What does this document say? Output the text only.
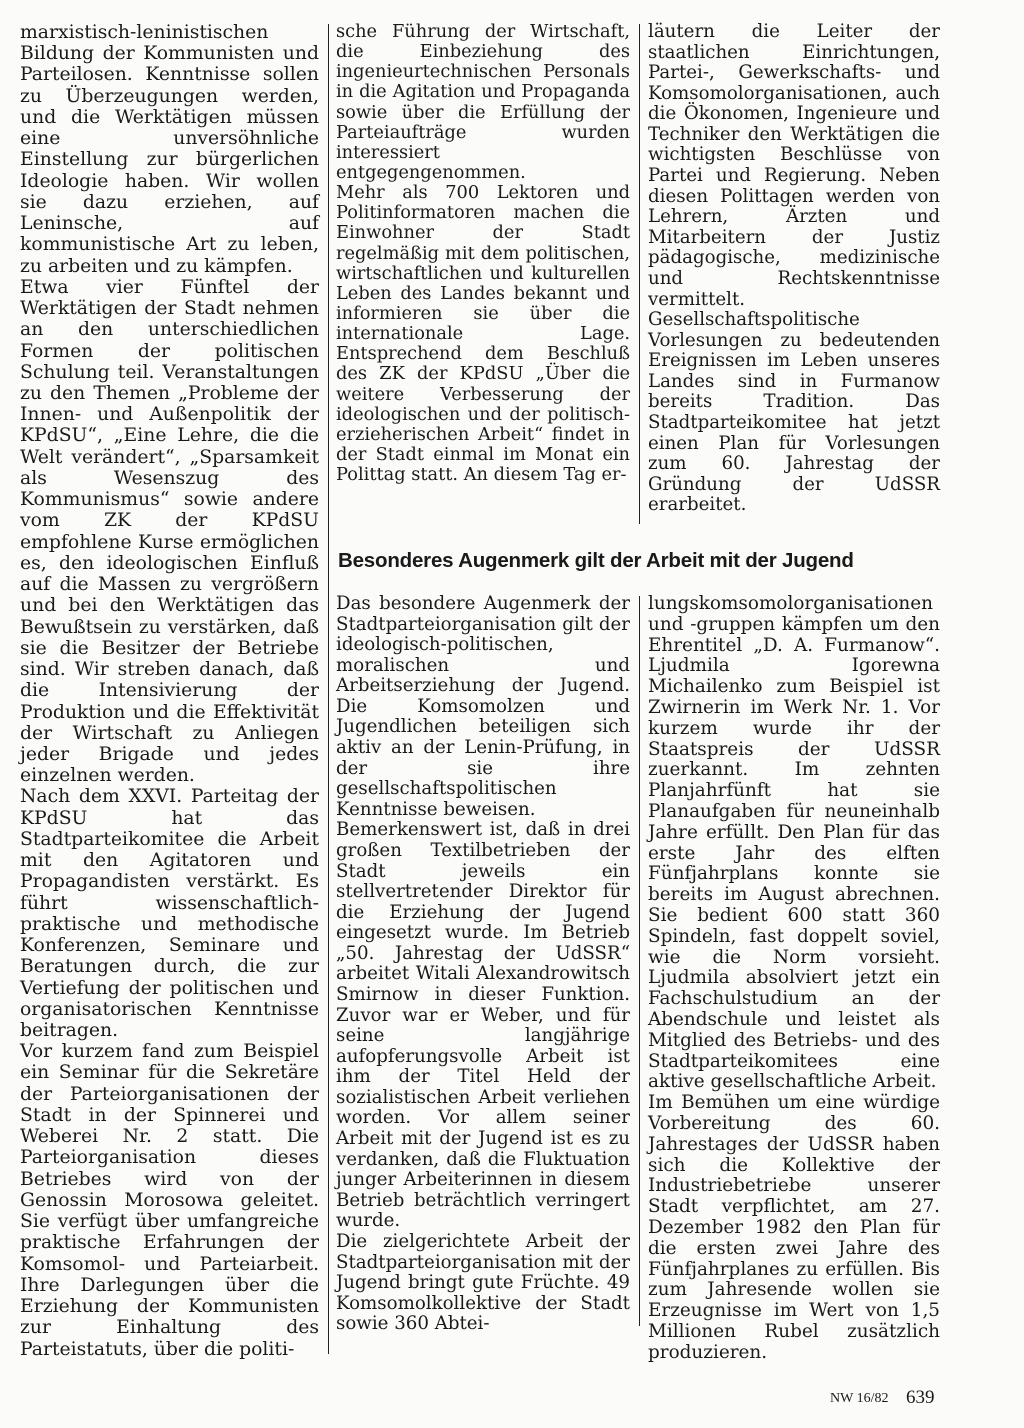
marxistisch-leninistischen Bildung der Kommunisten und Parteilosen. Kenntnisse sollen zu Überzeugungen werden, und die Werktätigen müssen eine unversöhnliche Einstellung zur bürgerlichen Ideologie haben. Wir wollen sie dazu erziehen, auf Leninsche, auf kommunistische Art zu leben, zu arbeiten und zu kämpfen.

Etwa vier Fünftel der Werktätigen der Stadt nehmen an den unterschiedlichen Formen der politischen Schulung teil. Veranstaltungen zu den Themen „Probleme der Innen- und Außenpolitik der KPdSU“, „Eine Lehre, die die Welt verändert“, „Sparsamkeit als Wesenszug des Kommunismus“ sowie andere vom ZK der KPdSU empfohlene Kurse ermöglichen es, den ideologischen Einfluß auf die Massen zu vergrößern und bei den Werktätigen das Bewußtsein zu verstärken, daß sie die Besitzer der Betriebe sind. Wir streben danach, daß die Intensivierung der Produktion und die Effektivität der Wirtschaft zu Anliegen jeder Brigade und jedes einzelnen werden.

Nach dem XXVI. Parteitag der KPdSU hat das Stadtparteikomitee die Arbeit mit den Agitatoren und Propagandisten verstärkt. Es führt wissenschaftlich-praktische und methodische Konferenzen, Seminare und Beratungen durch, die zur Vertiefung der politischen und organisatorischen Kenntnisse beitragen.

Vor kurzem fand zum Beispiel ein Seminar für die Sekretäre der Parteiorganisationen der Stadt in der Spinnerei und Weberei Nr. 2 statt. Die Parteiorganisation dieses Betriebes wird von der Genossin Morosowa geleitet. Sie verfügt über umfangreiche praktische Erfahrungen der Komsomol- und Parteiarbeit. Ihre Darlegungen über die Erziehung der Kommunisten zur Einhaltung des Parteistatuts, über die politi-

sche Führung der Wirtschaft, die Einbeziehung des ingenieurtechnischen Personals in die Agitation und Propaganda sowie über die Erfüllung der Parteiaufträge wurden interessiert entgegengenommen.

Mehr als 700 Lektoren und Politinformatoren machen die Einwohner der Stadt regelmäßig mit dem politischen, wirtschaftlichen und kulturellen Leben des Landes bekannt und informieren sie über die internationale Lage. Entsprechend dem Beschluß des ZK der KPdSU „Über die weitere Verbesserung der ideologischen und der politisch-erzieherischen Arbeit“ findet in der Stadt einmal im Monat ein Polittag statt. An diesem Tag er-

läutern die Leiter der staatlichen Einrichtungen, Partei-, Gewerkschafts- und Komsomolorganisationen, auch die Ökonomen, Ingenieure und Techniker den Werktätigen die wichtigsten Beschlüsse von Partei und Regierung. Neben diesen Polittagen werden von Lehrern, Ärzten und Mitarbeitern der Justiz pädagogische, medizinische und Rechtskenntnisse vermittelt.

Gesellschaftspolitische Vorlesungen zu bedeutenden Ereignissen im Leben unseres Landes sind in Furmanow bereits Tradition. Das Stadtparteikomitee hat jetzt einen Plan für Vorlesungen zum 60. Jahrestag der Gründung der UdSSR erarbeitet.

Besonderes Augenmerk gilt der Arbeit mit der Jugend

Das besondere Augenmerk der Stadtparteiorganisation gilt der ideologisch-politischen, moralischen und Arbeitserziehung der Jugend. Die Komsomolzen und Jugendlichen beteiligen sich aktiv an der Lenin-Prüfung, in der sie ihre gesellschaftspolitischen Kenntnisse beweisen.

Bemerkenswert ist, daß in drei großen Textilbetrieben der Stadt jeweils ein stellvertretender Direktor für die Erziehung der Jugend eingesetzt wurde. Im Betrieb „50. Jahrestag der UdSSR“ arbeitet Witali Alexandrowitsch Smirnow in dieser Funktion. Zuvor war er Weber, und für seine langjährige aufopferungsvolle Arbeit ist ihm der Titel Held der sozialistischen Arbeit verliehen worden. Vor allem seiner Arbeit mit der Jugend ist es zu verdanken, daß die Fluktuation junger Arbeiterinnen in diesem Betrieb beträchtlich verringert wurde.

Die zielgerichtete Arbeit der Stadtparteiorganisation mit der Jugend bringt gute Früchte. 49 Komsomolkollektive der Stadt sowie 360 Abtei-

lungskomsomolorganisationen und -gruppen kämpfen um den Ehrentitel „D. A. Furmanow“. Ljudmila Igorewna Michailenko zum Beispiel ist Zwirnerin im Werk Nr. 1. Vor kurzem wurde ihr der Staatspreis der UdSSR zuerkannt. Im zehnten Planjahrfünft hat sie Planaufgaben für neuneinhalb Jahre erfüllt. Den Plan für das erste Jahr des elften Fünfjahrplans konnte sie bereits im August abrechnen. Sie bedient 600 statt 360 Spindeln, fast doppelt soviel, wie die Norm vorsieht. Ljudmila absolviert jetzt ein Fachschulstudium an der Abendschule und leistet als Mitglied des Betriebs- und des Stadtparteikomitees eine aktive gesellschaftliche Arbeit.

Im Bemühen um eine würdige Vorbereitung des 60. Jahrestages der UdSSR haben sich die Kollektive der Industriebetriebe unserer Stadt verpflichtet, am 27. Dezember 1982 den Plan für die ersten zwei Jahre des Fünfjahrplanes zu erfüllen. Bis zum Jahresende wollen sie Erzeugnisse im Wert von 1,5 Millionen Rubel zusätzlich produzieren.

NW 16/82 639
